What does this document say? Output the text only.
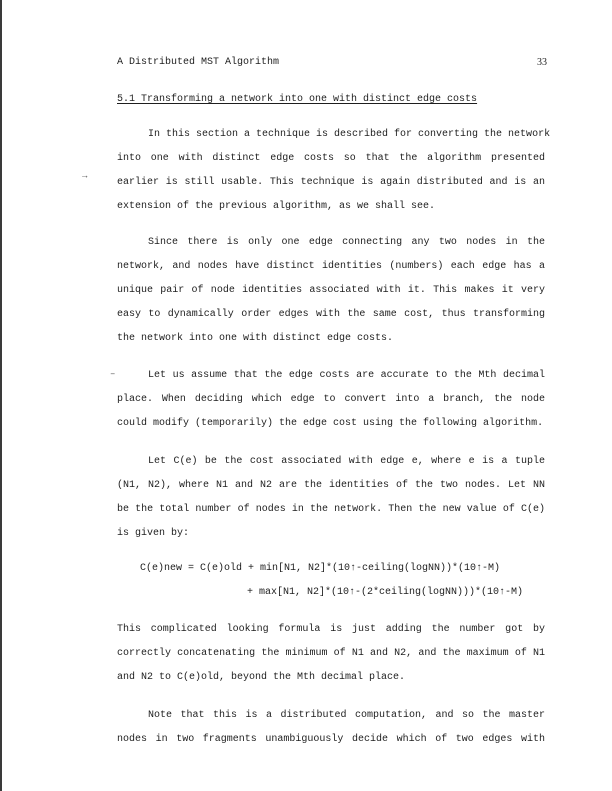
A Distributed MST Algorithm	33
5.1 Transforming a network into one with distinct edge costs
In this section a technique is described for converting the network
into one with distinct edge costs so that the algorithm presented
earlier is still usable. This technique is again distributed and is an
extension of the previous algorithm, as we shall see.
Since there is only one edge connecting any two nodes in the
network, and nodes have distinct identities (numbers) each edge has a
unique pair of node identities associated with it. This makes it very
easy to dynamically order edges with the same cost, thus transforming
the network into one with distinct edge costs.
Let us assume that the edge costs are accurate to the Mth decimal
place. When deciding which edge to convert into a branch, the node
could modify (temporarily) the edge cost using the following algorithm.
Let C(e) be the cost associated with edge e, where e is a tuple
(N1, N2), where N1 and N2 are the identities of the two nodes. Let NN
be the total number of nodes in the network. Then the new value of C(e)
is given by:
C(e)new = C(e)old + min[N1, N2]*(10↑-ceiling(logNN))*(10↑-M)
+ max[N1, N2]*(10↑-(2*ceiling(logNN)))*(10↑-M)
This complicated looking formula is just adding the number got by
correctly concatenating the minimum of N1 and N2, and the maximum of N1
and N2 to C(e)old, beyond the Mth decimal place.
Note that this is a distributed computation, and so the master
nodes in two fragments unambiguously decide which of two edges with
→
–
